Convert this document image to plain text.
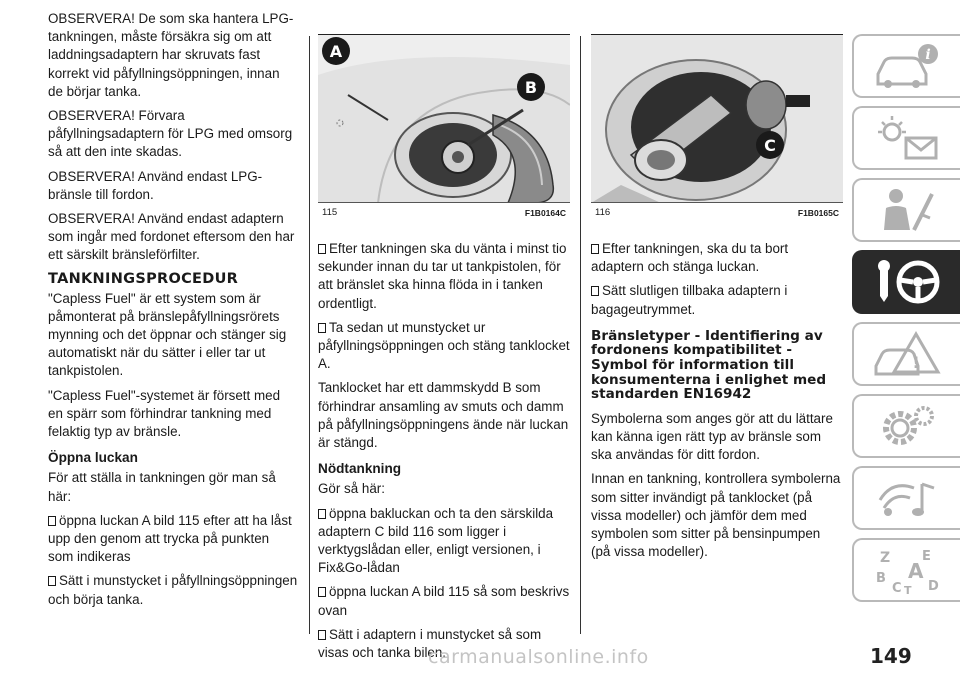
OBSERVERA! De som ska hantera LPG-tankningen, måste försäkra sig om att laddningsadaptern har skruvats fast korrekt vid påfyllningsöppningen, innan de börjar tanka.

OBSERVERA! Förvara påfyllningsadaptern för LPG med omsorg så att den inte skadas.

OBSERVERA! Använd endast LPG-bränsle till fordon.

OBSERVERA! Använd endast adaptern som ingår med fordonet eftersom den har ett särskilt bränsleförfilter.

TANKNINGSPROCEDUR

"Capless Fuel" är ett system som är påmonterat på bränslepåfyllningsrörets mynning och det öppnar och stänger sig automatiskt när du sätter i eller tar ut tankpistolen.

"Capless Fuel"-systemet är försett med en spärr som förhindrar tankning med felaktig typ av bränsle.

Öppna luckan

För att ställa in tankningen gör man så här:

öppna luckan A bild 115 efter att ha låst upp den genom att trycka på punkten som indikeras

Sätt i munstycket i påfyllningsöppningen och börja tanka.

A
B
115	F1B0164C
C
116	F1B0165C

Efter tankningen ska du vänta i minst tio sekunder innan du tar ut tankpistolen, för att bränslet ska hinna flöda in i tanken ordentligt.

Ta sedan ut munstycket ur påfyllningsöppningen och stäng tanklocket A.

Tanklocket har ett dammskydd B som förhindrar ansamling av smuts och damm på påfyllningsöppningens ände när luckan är stängd.

Nödtankning

Gör så här:

öppna bakluckan och ta den särskilda adaptern C bild 116 som ligger i verktygslådan eller, enligt versionen, i Fix&Go-lådan

öppna luckan A bild 115 så som beskrivs ovan

Sätt i adaptern i munstycket så som visas och tanka bilen.

Efter tankningen, ska du ta bort adaptern och stänga luckan.

Sätt slutligen tillbaka adaptern i bagageutrymmet.

Bränsletyper - Identifiering av fordonens kompatibilitet - Symbol för information till konsumenterna i enlighet med standarden EN16942

Symbolerna som anges gör att du lättare kan känna igen rätt typ av bränsle som ska användas för ditt fordon.

Innan en tankning, kontrollera symbolerna som sitter invändigt på tanklocket (på vissa modeller) och jämför dem med symbolen som sitter på bensinpumpen (på vissa modeller).

i
!
Z E
B A
C T D
carmanualsonline.info	149
